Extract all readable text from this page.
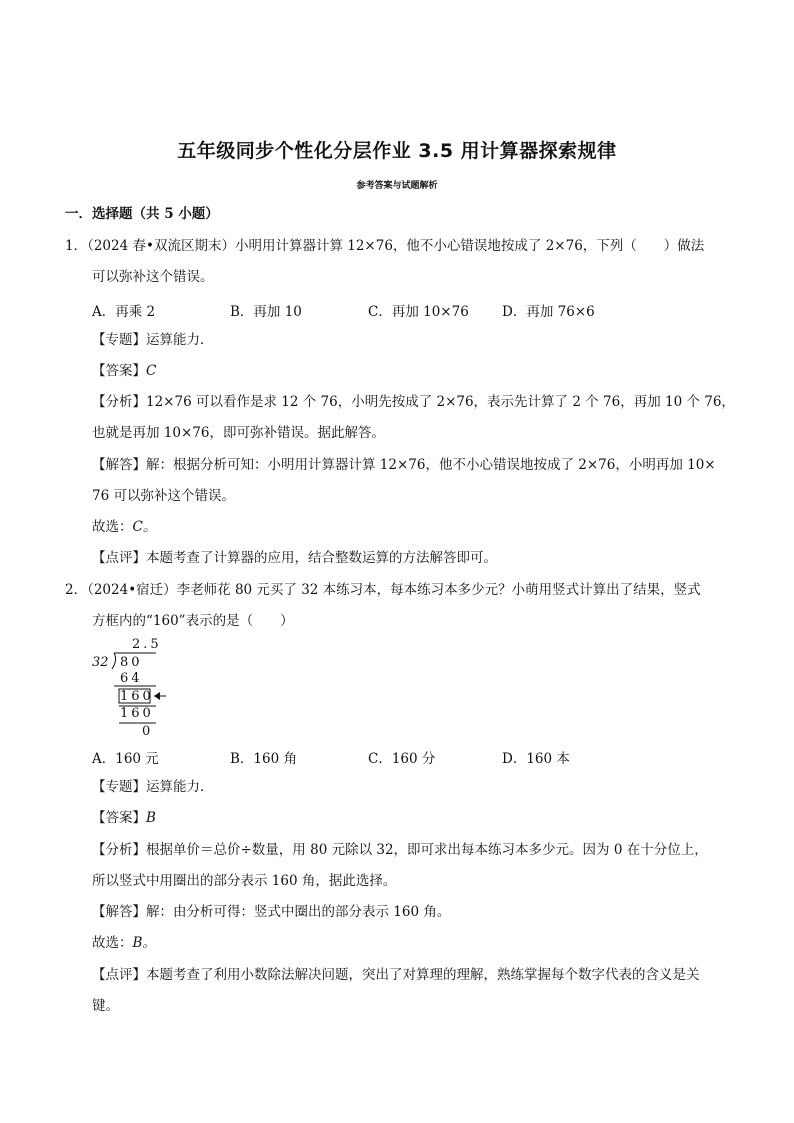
五年级同步个性化分层作业 3.5 用计算器探索规律
参考答案与试题解析
一．选择题（共 5 小题）
1．（2024 春•双流区期末）小明用计算器计算 12×76，他不小心错误地按成了 2×76，下列（　　）做法
可以弥补这个错误。
A．再乘 2	B．再加 10	C．再加 10×76 D．再加 76×6
【专题】运算能力．
【答案】C
【分析】12×76 可以看作是求 12 个 76，小明先按成了 2×76，表示先计算了 2 个 76，再加 10 个 76，
也就是再加 10×76，即可弥补错误。据此解答。
【解答】解：根据分析可知：小明用计算器计算 12×76，他不小心错误地按成了 2×76，小明再加 10×
76 可以弥补这个错误。
故选：C。
【点评】本题考查了计算器的应用，结合整数运算的方法解答即可。
2．（2024•宿迁）李老师花 80 元买了 32 本练习本，每本练习本多少元？小萌用竖式计算出了结果，竖式
方框内的“160”表示的是（　　）
2.5
32 80
64
160
160
0
A．160 元	B．160 角	C．160 分	D．160 本
【专题】运算能力．
【答案】B
【分析】根据单价＝总价÷数量，用 80 元除以 32，即可求出每本练习本多少元。因为 0 在十分位上，
所以竖式中用圈出的部分表示 160 角，据此选择。
【解答】解：由分析可得：竖式中圈出的部分表示 160 角。
故选：B。
【点评】本题考查了利用小数除法解决问题，突出了对算理的理解，熟练掌握每个数字代表的含义是关
键。
